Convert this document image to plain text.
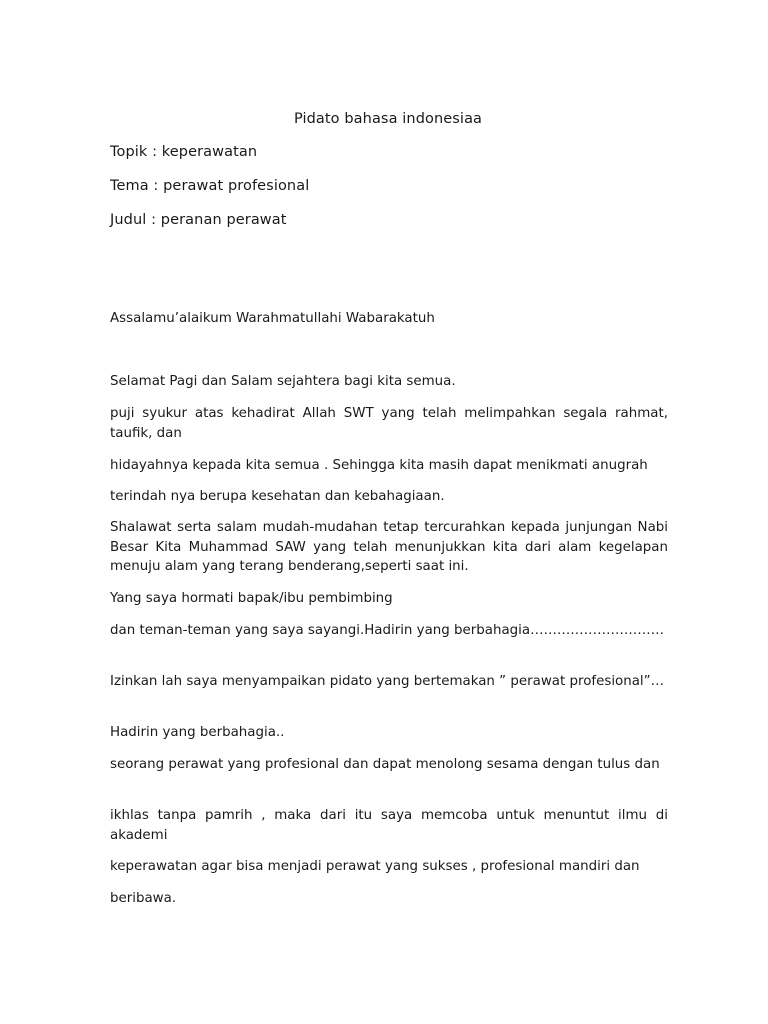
Pidato bahasa indonesiaa
Topik : keperawatan
Tema : perawat profesional
Judul : peranan perawat
Assalamu’alaikum Warahmatullahi Wabarakatuh
Selamat Pagi dan Salam sejahtera bagi kita semua.
puji syukur atas kehadirat Allah SWT yang telah melimpahkan segala rahmat, taufik, dan
hidayahnya kepada kita semua . Sehingga kita masih dapat menikmati anugrah
terindah nya berupa kesehatan dan kebahagiaan.
Shalawat serta salam mudah-mudahan tetap tercurahkan kepada junjungan Nabi Besar Kita Muhammad SAW yang telah menunjukkan kita dari alam kegelapan menuju alam yang terang benderang,seperti saat ini.
Yang saya hormati bapak/ibu pembimbing
dan teman-teman yang saya sayangi.Hadirin yang berbahagia…………………………
Izinkan lah saya menyampaikan pidato yang bertemakan ” perawat profesional”…
Hadirin yang berbahagia..
seorang perawat yang profesional dan dapat menolong sesama dengan tulus dan
ikhlas tanpa pamrih , maka dari itu saya memcoba untuk menuntut ilmu di akademi
keperawatan agar bisa menjadi perawat yang sukses , profesional mandiri dan
beribawa.
